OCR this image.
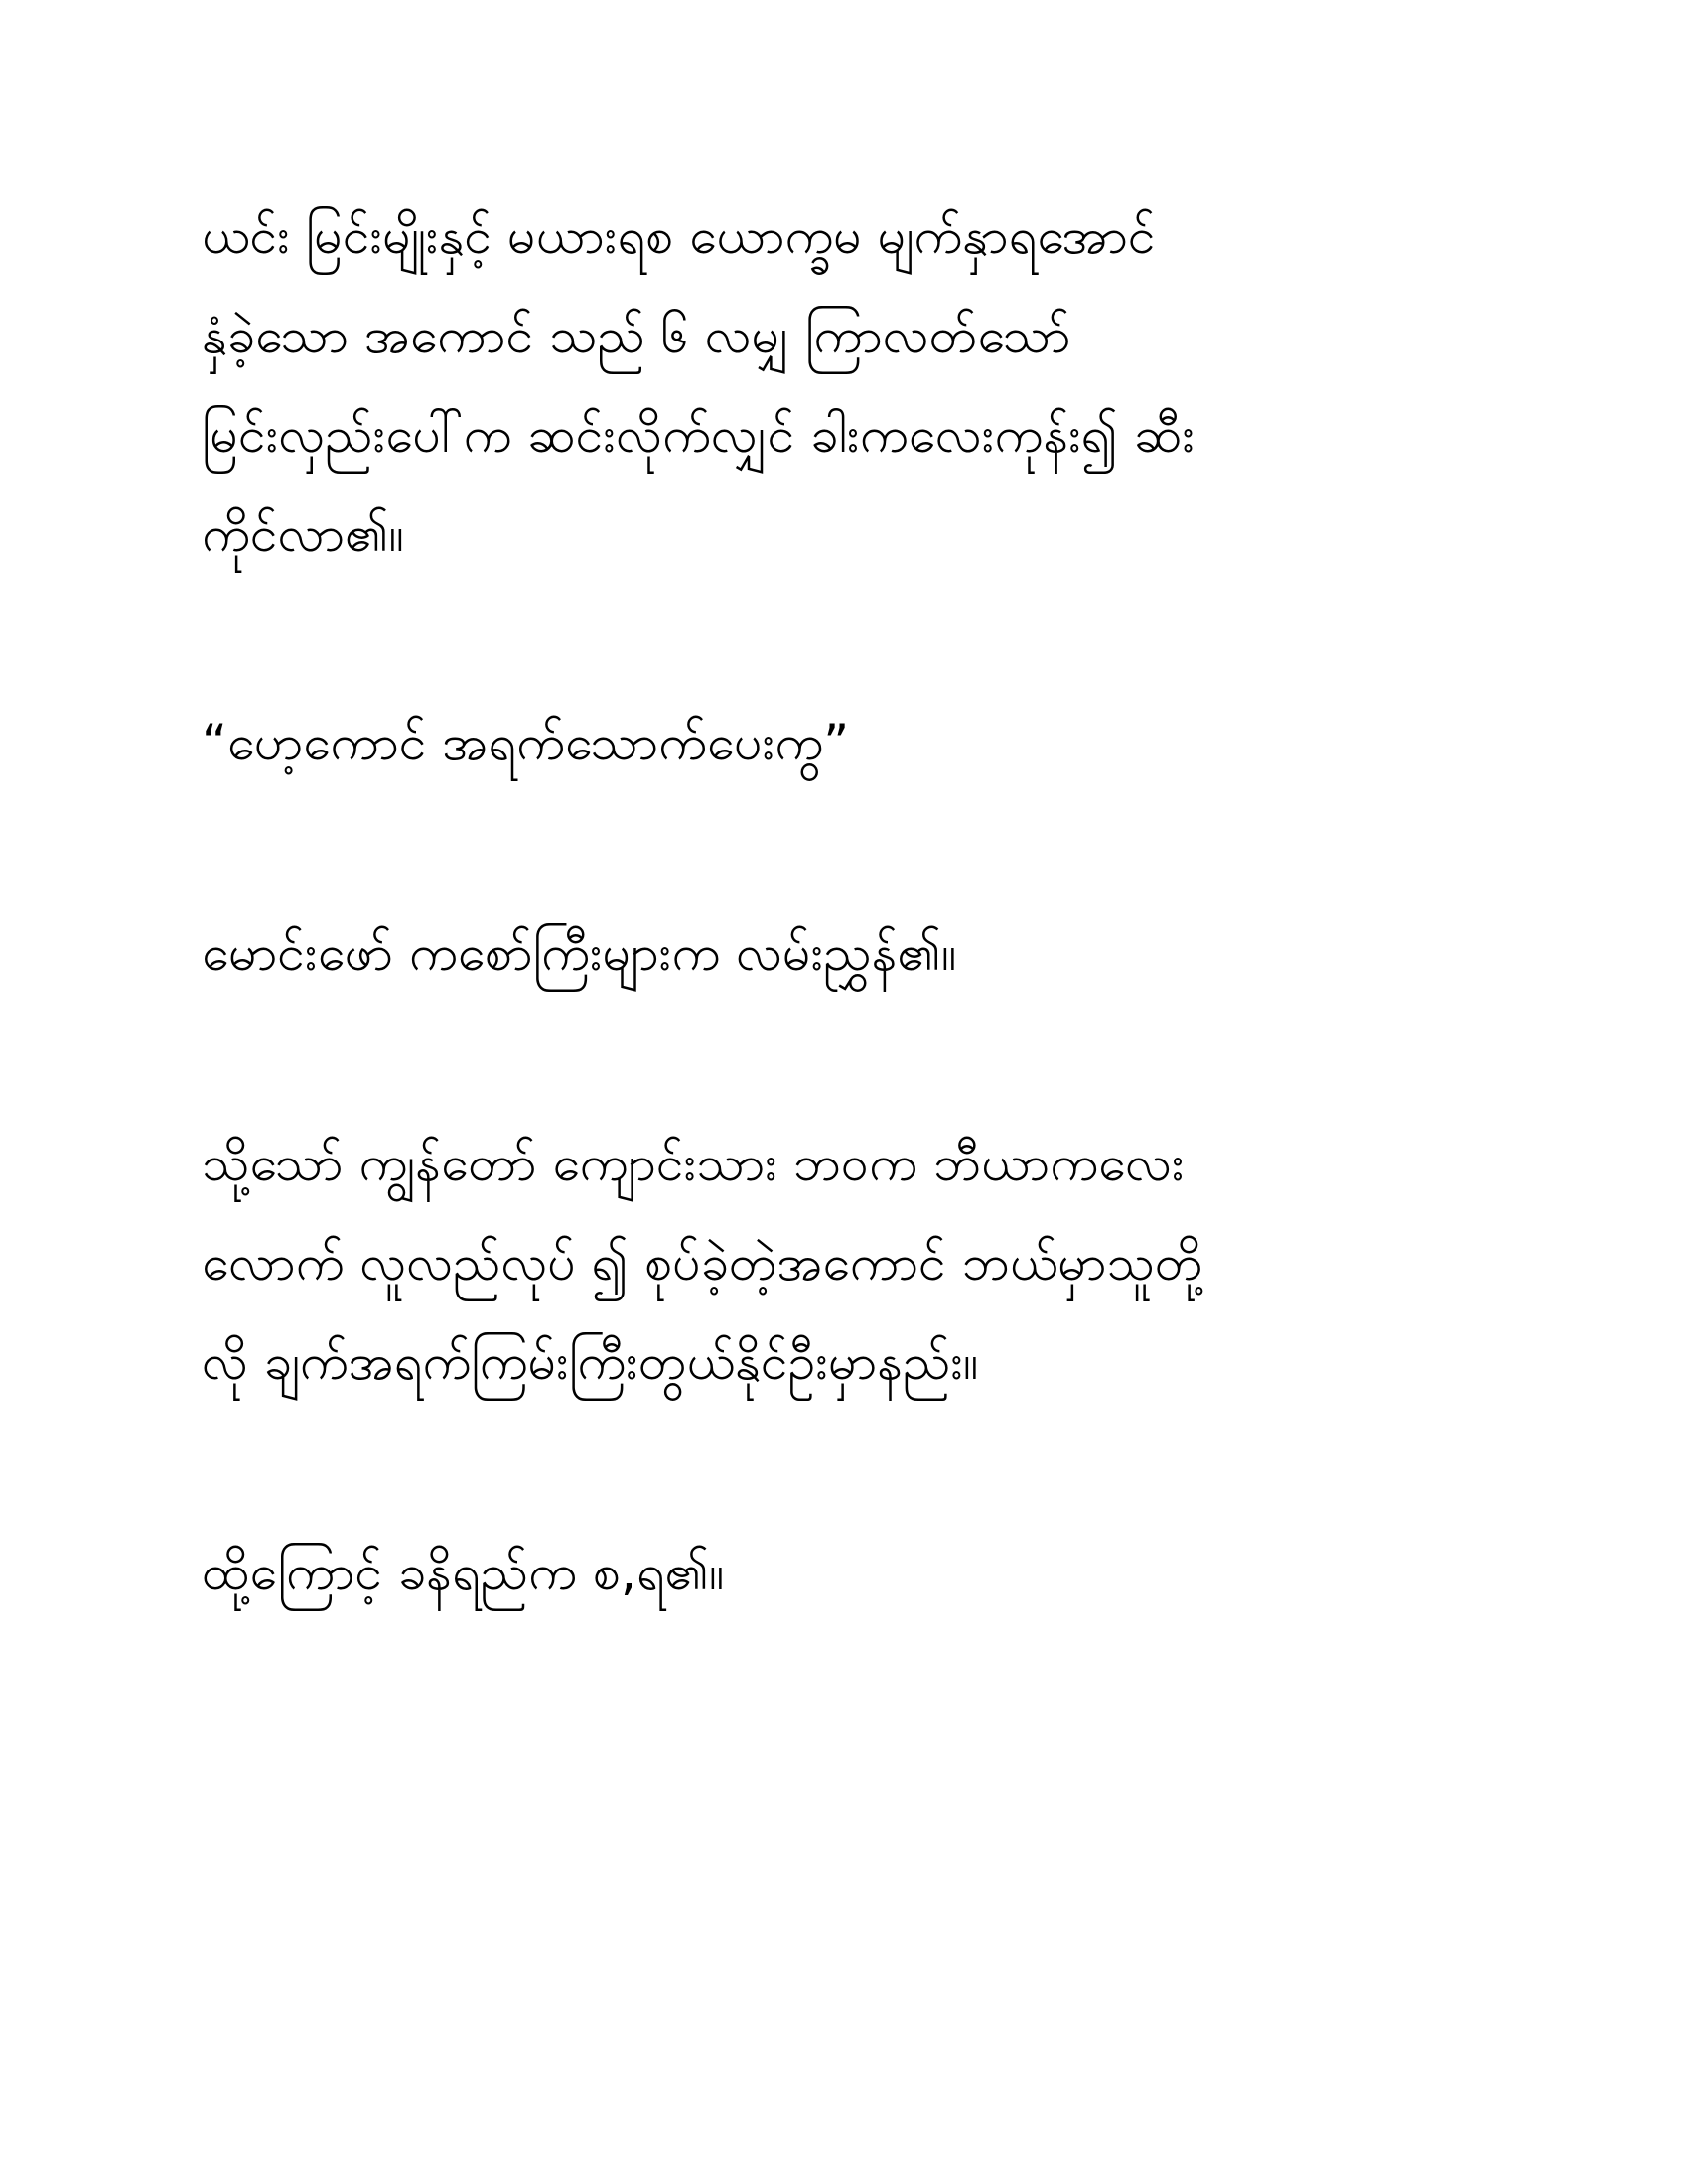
ယင်း မြင်းမျိုးနှင့် မယားရစ ယောက္ခမ မျက်နှာရအောင်
နှံခဲ့သော အကောင် သည် ၆ လမျှ ကြာလတ်သော်
မြင်းလှည်းပေါ်က ဆင်းလိုက်လျှင် ခါးကလေးကုန်း၍ ဆီး
ကိုင်လာ၏။
“ပော့ကောင် အရက်သောက်ပေးကွ”
မောင်းဖော် ကစော်ကြီးများက လမ်းညွှန်၏။
သို့သော် ကျွန်တော် ကျောင်းသား ဘ၀က ဘီယာကလေး
လောက် လူလည်လုပ် ၍ စုပ်ခဲ့တဲ့အကောင် ဘယ်မှာသူတို့
လို ချက်အရက်ကြမ်းကြီးတွယ်နိုင်ဦးမှာနည်း။
ထို့ကြောင့် ခနိရည်က စ,ရ၏။
